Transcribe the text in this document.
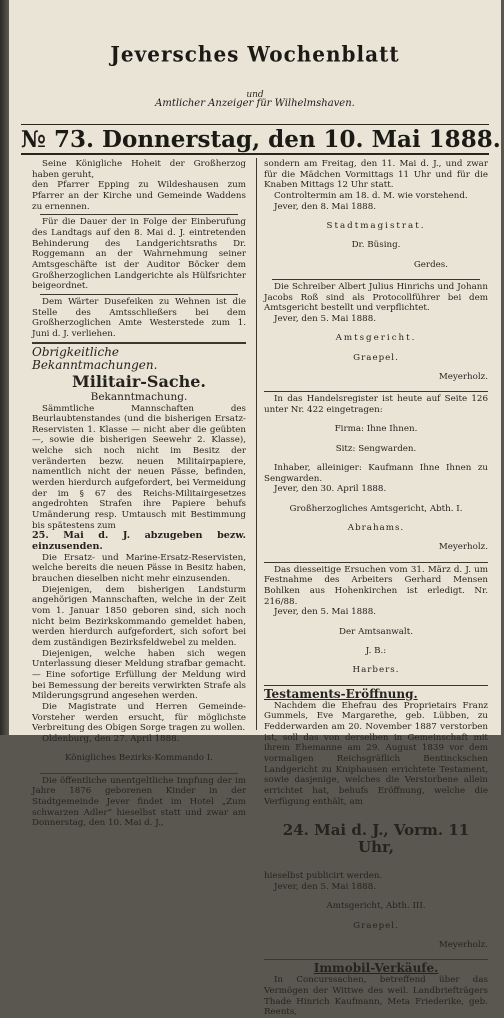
Jeversches Wochenblatt
und
Amtlicher Anzeiger für Wilhelmshaven.
№ 73. Donnerstag, den 10. Mai 1888.

Seine Königliche Hoheit der Großherzog haben geruht,

den Pfarrer Epping zu Wildeshausen zum Pfarrer an der Kirche und Gemeinde Waddens zu ernennen.

Für die Dauer der in Folge der Einberufung des Landtags auf den 8. Mai d. J. eintretenden Behinderung des Landgerichtsraths Dr. Roggemann an der Wahrnehmung seiner Amtsgeschäfte ist der Auditor Böcker dem Großherzoglichen Landgerichte als Hülfsrichter beigeordnet.

Dem Wärter Dusefeiken zu Wehnen ist die Stelle des Amtsschließers bei dem Großherzoglichen Amte Westerstede zum 1. Juni d. J. verliehen.

Obrigkeitliche Bekanntmachungen.
Militair-Sache.
Bekanntmachung.

Sämmtliche Mannschaften des Beurlaubtenstandes (und die bisherigen Ersatz-Reservisten 1. Klasse — nicht aber die geübten —, sowie die bisherigen Seewehr 2. Klasse), welche sich noch nicht im Besitz der veränderten bezw. neuen Militairpapiere, namentlich nicht der neuen Pässe, befinden, werden hierdurch aufgefordert, bei Vermeidung der im § 67 des Reichs-Militairgesetzes angedrohten Strafen ihre Papiere behufs Umänderung resp. Umtausch mit Bestimmung bis spätestens zum

25. Mai d. J. abzugeben bezw. einzusenden.

Die Ersatz- und Marine-Ersatz-Reservisten, welche bereits die neuen Pässe in Besitz haben, brauchen dieselben nicht mehr einzusenden.

Diejenigen, dem bisherigen Landsturm angehörigen Mannschaften, welche in der Zeit vom 1. Januar 1850 geboren sind, sich noch nicht beim Bezirkskommando gemeldet haben, werden hierdurch aufgefordert, sich sofort bei dem zuständigen Bezirksfeldwebel zu melden.

Diejenigen, welche haben sich wegen Unterlassung dieser Meldung strafbar gemacht. — Eine sofortige Erfüllung der Meldung wird bei Bemessung der bereits verwirkten Strafe als Milderungsgrund angesehen werden.

Die Magistrate und Herren Gemeinde-Vorsteher werden ersucht, für möglichste Verbreitung des Obigen Sorge tragen zu wollen.

Oldenburg, den 27. April 1888.

Königliches Bezirks-Kommando I.

Die öffentliche unentgeltliche Impfung der im Jahre 1876 geborenen Kinder in der Stadtgemeinde Jever findet im Hotel „Zum schwarzen Adler“ hieselbst statt und zwar am Donnerstag, den 10. Mai d. J.,

sondern am Freitag, den 11. Mai d. J., und zwar für die Mädchen Vormittags 11 Uhr und für die Knaben Mittags 12 Uhr statt.

Controltermin am 18. d. M. wie vorstehend.

Jever, den 8. Mai 1888.

Stadtmagistrat.

Dr. Büsing.

Gerdes.

Die Schreiber Albert Julius Hinrichs und Johann Jacobs Roß sind als Protocollführer bei dem Amtsgericht bestellt und verpflichtet.

Jever, den 5. Mai 1888.

Amtsgericht.

Graepel.

Meyerholz.

In das Handelsregister ist heute auf Seite 126 unter Nr. 422 eingetragen:

Firma: Ihne Ihnen.

Sitz: Sengwarden.

Inhaber, alleiniger: Kaufmann Ihne Ihnen zu Sengwarden.

Jever, den 30. April 1888.

Großherzogliches Amtsgericht, Abth. I.

Abrahams.

Meyerholz.

Das diesseitige Ersuchen vom 31. März d. J. um Festnahme des Arbeiters Gerhard Mensen Bohlken aus Hohenkirchen ist erledigt. Nr. 216/88.

Jever, den 5. Mai 1888.

Der Amtsanwalt.

J. B.:

Harbers.

Testaments-Eröffnung.

Nachdem die Ehefrau des Proprietairs Franz Gummels, Eve Margarethe, geb. Lübben, zu Fedderwarden am 20. November 1887 verstorben ist, soll das von derselben in Gemeinschaft mit ihrem Ehemanne am 29. August 1839 vor dem vormaligen Reichsgräflich Bentinckschen Landgericht zu Kniphausen errichtete Testament, sowie dasjenige, welches die Verstorbene allein errichtet hat, behufs Eröffnung, welche die Verfügung enthält, am

24. Mai d. J., Vorm. 11 Uhr,

hieselbst publicirt werden.

Jever, den 5. Mai 1888.

Amtsgericht, Abth. III.

Graepel.

Meyerholz.

Immobil-Verkäufe.

In Concurssachen, betreffend über das Vermögen der Wittwe des weil. Landbriefträgers Thade Hinrich Kaufmann, Meta Friederike, geb. Reents,
